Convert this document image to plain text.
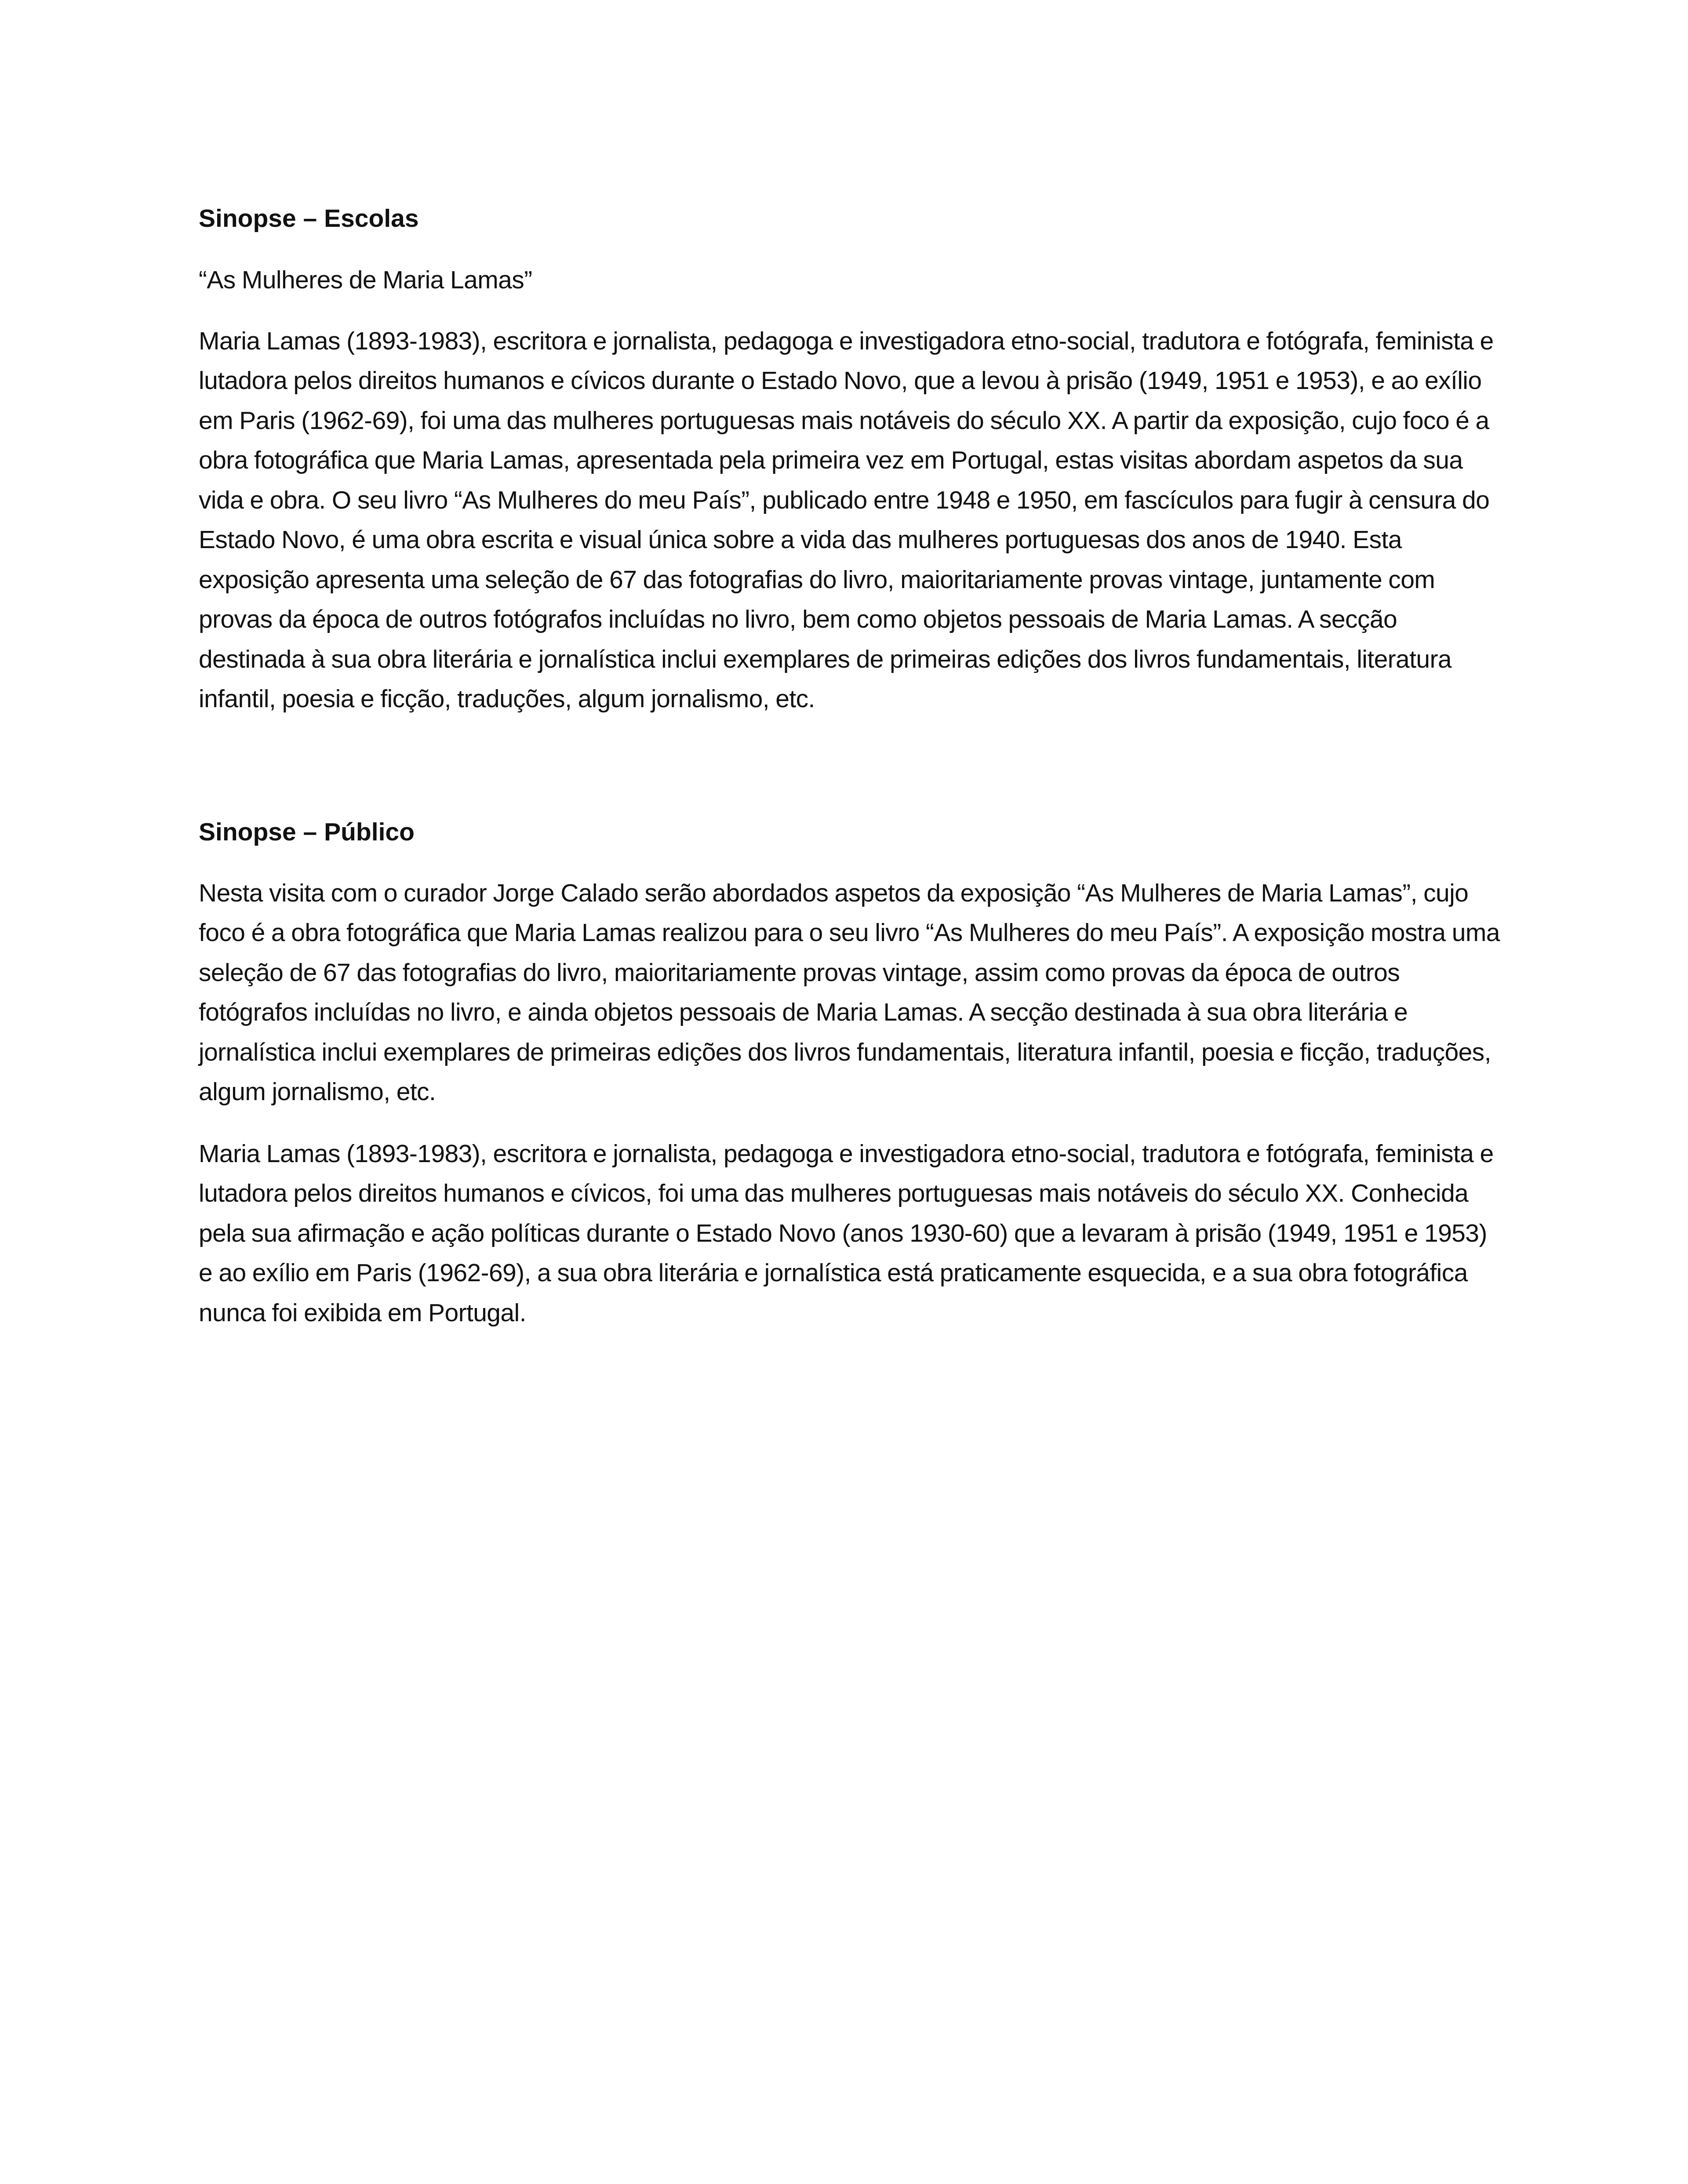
Sinopse – Escolas

“As Mulheres de Maria Lamas”

Maria Lamas (1893-1983), escritora e jornalista, pedagoga e investigadora etno-social, tradutora e fotógrafa, feminista e lutadora pelos direitos humanos e cívicos durante o Estado Novo, que a levou à prisão (1949, 1951 e 1953), e ao exílio em Paris (1962-69), foi uma das mulheres portuguesas mais notáveis do século XX. A partir da exposição, cujo foco é a obra fotográfica que Maria Lamas, apresentada pela primeira vez em Portugal, estas visitas abordam aspetos da sua vida e obra. O seu livro “As Mulheres do meu País”, publicado entre 1948 e 1950, em fascículos para fugir à censura do Estado Novo, é uma obra escrita e visual única sobre a vida das mulheres portuguesas dos anos de 1940. Esta exposição apresenta uma seleção de 67 das fotografias do livro, maioritariamente provas vintage, juntamente com provas da época de outros fotógrafos incluídas no livro, bem como objetos pessoais de Maria Lamas. A secção destinada à sua obra literária e jornalística inclui exemplares de primeiras edições dos livros fundamentais, literatura infantil, poesia e ficção, traduções, algum jornalismo, etc.

Sinopse – Público

Nesta visita com o curador Jorge Calado serão abordados aspetos da exposição “As Mulheres de Maria Lamas”, cujo foco é a obra fotográfica que Maria Lamas realizou para o seu livro “As Mulheres do meu País”. A exposição mostra uma seleção de 67 das fotografias do livro, maioritariamente provas vintage, assim como provas da época de outros fotógrafos incluídas no livro, e ainda objetos pessoais de Maria Lamas. A secção destinada à sua obra literária e jornalística inclui exemplares de primeiras edições dos livros fundamentais, literatura infantil, poesia e ficção, traduções, algum jornalismo, etc.

Maria Lamas (1893-1983), escritora e jornalista, pedagoga e investigadora etno-social, tradutora e fotógrafa, feminista e lutadora pelos direitos humanos e cívicos, foi uma das mulheres portuguesas mais notáveis do século XX. Conhecida pela sua afirmação e ação políticas durante o Estado Novo (anos 1930-60) que a levaram à prisão (1949, 1951 e 1953) e ao exílio em Paris (1962-69), a sua obra literária e jornalística está praticamente esquecida, e a sua obra fotográfica nunca foi exibida em Portugal.
